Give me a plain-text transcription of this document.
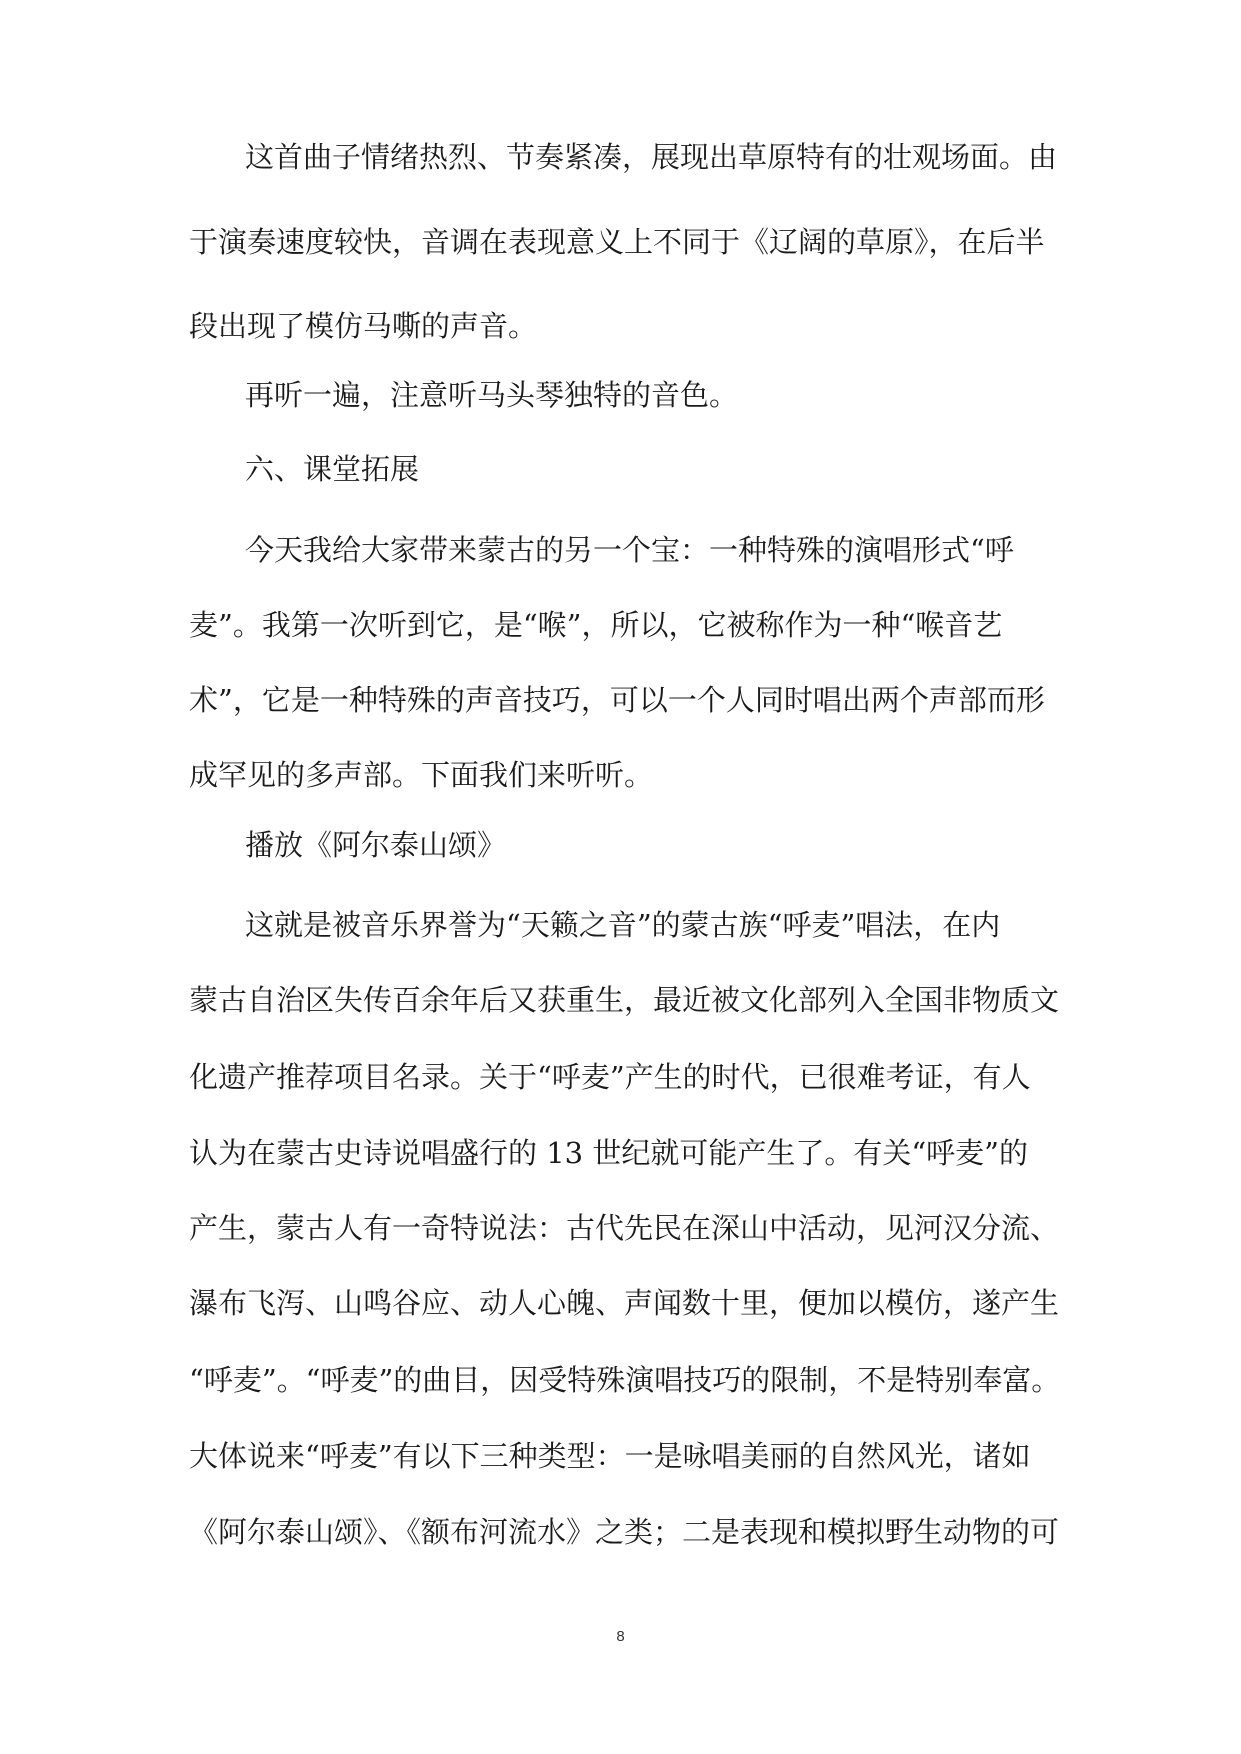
这首曲子情绪热烈、节奏紧凑，展现出草原特有的壮观场面。由
于演奏速度较快，音调在表现意义上不同于《辽阔的草原》，在后半
段出现了模仿马嘶的声音。
再听一遍，注意听马头琴独特的音色。
六、课堂拓展
今天我给大家带来蒙古的另一个宝：一种特殊的演唱形式“呼
麦”。我第一次听到它，是“喉”，所以，它被称作为一种“喉音艺
术”，它是一种特殊的声音技巧，可以一个人同时唱出两个声部而形
成罕见的多声部。下面我们来听听。
播放《阿尔泰山颂》
这就是被音乐界誉为“天籁之音”的蒙古族“呼麦”唱法，在内
蒙古自治区失传百余年后又获重生，最近被文化部列入全国非物质文
化遗产推荐项目名录。关于“呼麦”产生的时代，已很难考证，有人
认为在蒙古史诗说唱盛行的 13 世纪就可能产生了。有关“呼麦”的
产生，蒙古人有一奇特说法：古代先民在深山中活动，见河汉分流、
瀑布飞泻、山鸣谷应、动人心魄、声闻数十里，便加以模仿，遂产生
“呼麦”。“呼麦”的曲目，因受特殊演唱技巧的限制，不是特别奉富。
大体说来“呼麦”有以下三种类型：一是咏唱美丽的自然风光，诸如
《阿尔泰山颂》、《额布河流水》之类；二是表现和模拟野生动物的可
8
